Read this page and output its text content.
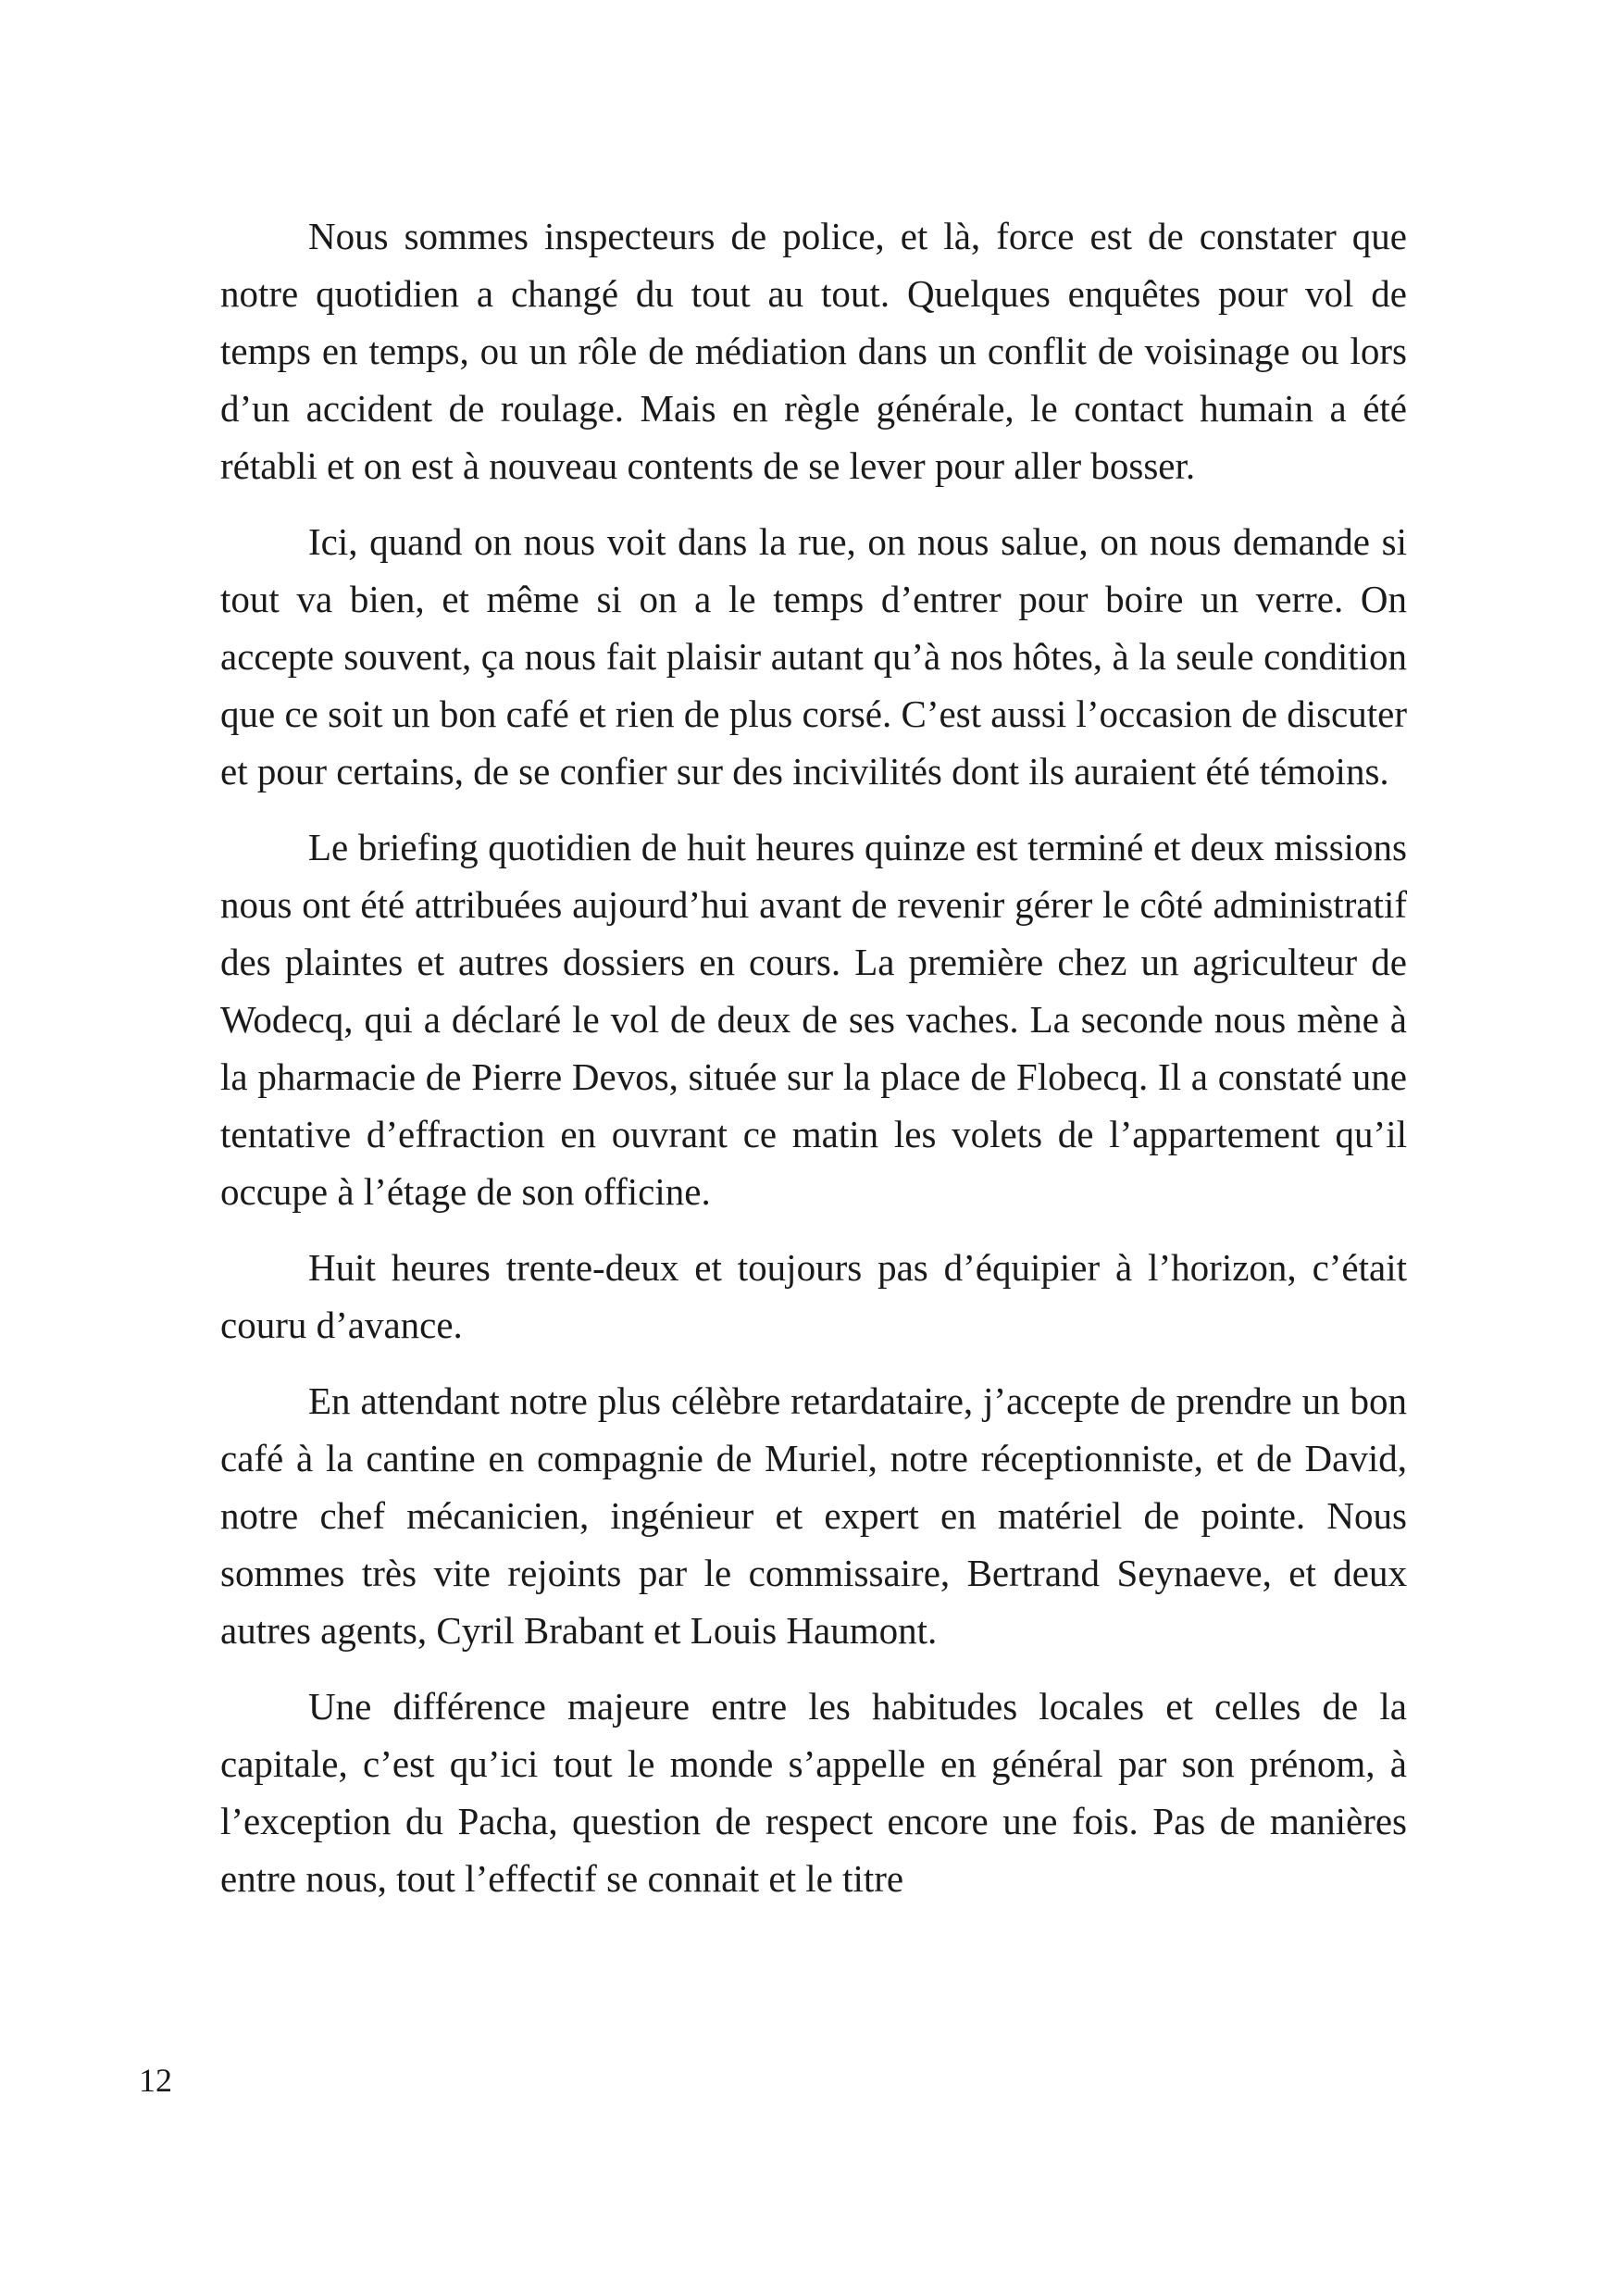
Nous sommes inspecteurs de police, et là, force est de constater que notre quotidien a changé du tout au tout. Quelques enquêtes pour vol de temps en temps, ou un rôle de médiation dans un conflit de voisinage ou lors d’un accident de roulage. Mais en règle générale, le contact humain a été rétabli et on est à nouveau contents de se lever pour aller bosser.

Ici, quand on nous voit dans la rue, on nous salue, on nous demande si tout va bien, et même si on a le temps d’entrer pour boire un verre. On accepte souvent, ça nous fait plaisir autant qu’à nos hôtes, à la seule condition que ce soit un bon café et rien de plus corsé. C’est aussi l’occasion de discuter et pour certains, de se confier sur des incivilités dont ils auraient été témoins.

Le briefing quotidien de huit heures quinze est terminé et deux missions nous ont été attribuées aujourd’hui avant de revenir gérer le côté administratif des plaintes et autres dossiers en cours. La première chez un agriculteur de Wodecq, qui a déclaré le vol de deux de ses vaches. La seconde nous mène à la pharmacie de Pierre Devos, située sur la place de Flobecq. Il a constaté une tentative d’effraction en ouvrant ce matin les volets de l’appartement qu’il occupe à l’étage de son officine.

Huit heures trente-deux et toujours pas d’équipier à l’horizon, c’était couru d’avance.

En attendant notre plus célèbre retardataire, j’accepte de prendre un bon café à la cantine en compagnie de Muriel, notre réceptionniste, et de David, notre chef mécanicien, ingénieur et expert en matériel de pointe. Nous sommes très vite rejoints par le commissaire, Bertrand Seynaeve, et deux autres agents, Cyril Brabant et Louis Haumont.

Une différence majeure entre les habitudes locales et celles de la capitale, c’est qu’ici tout le monde s’appelle en général par son prénom, à l’exception du Pacha, question de respect encore une fois. Pas de manières entre nous, tout l’effectif se connait et le titre

12
